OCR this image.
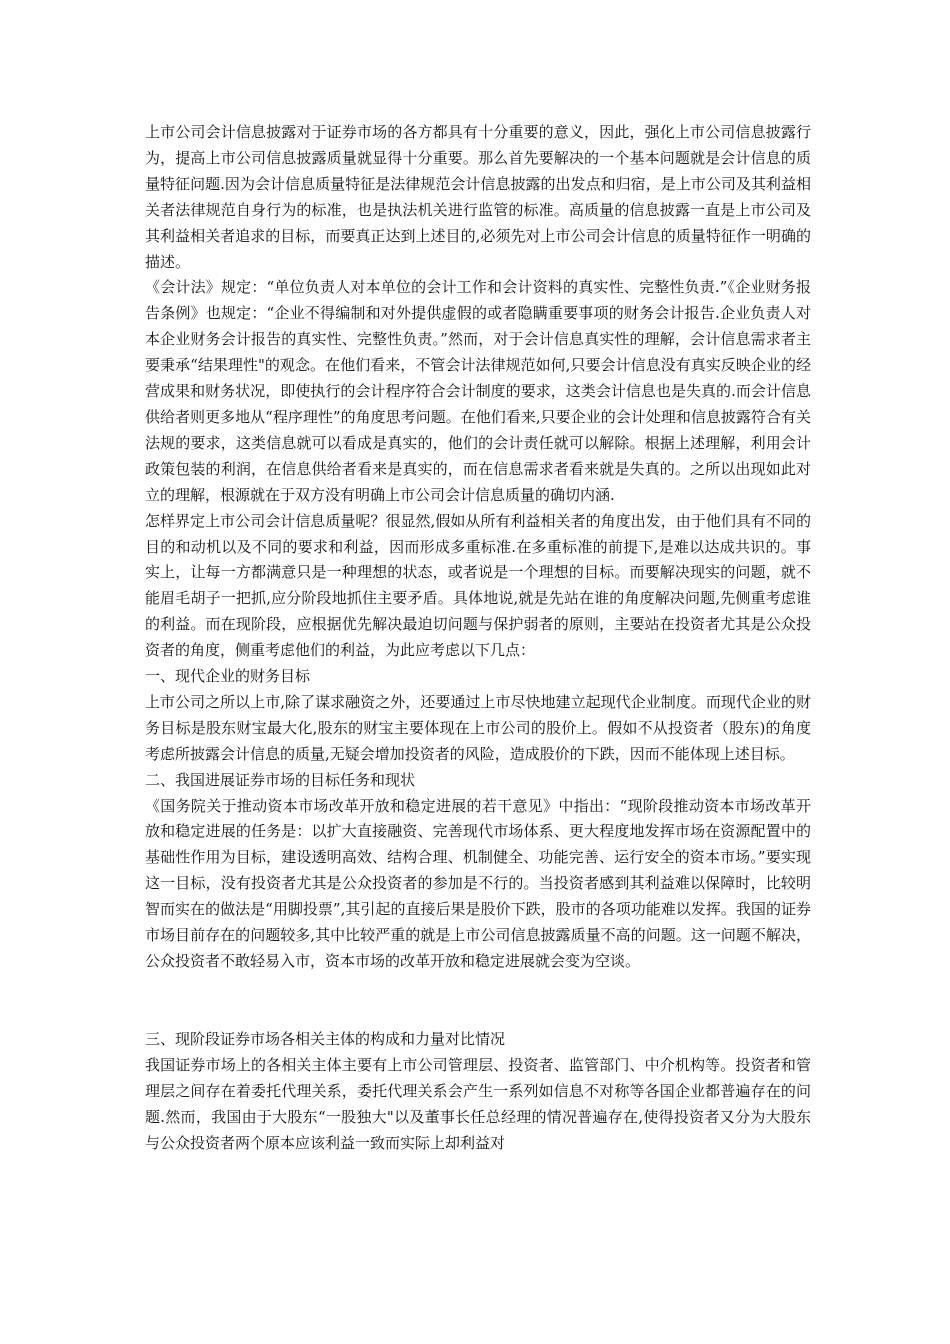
上市公司会计信息披露对于证券市场的各方都具有十分重要的意义，因此，强化上市公司信息披露行为，提高上市公司信息披露质量就显得十分重要。那么首先要解决的一个基本问题就是会计信息的质量特征问题.因为会计信息质量特征是法律规范会计信息披露的出发点和归宿，是上市公司及其利益相关者法律规范自身行为的标准，也是执法机关进行监管的标准。高质量的信息披露一直是上市公司及其利益相关者追求的目标，而要真正达到上述目的,必须先对上市公司会计信息的质量特征作一明确的描述。

《会计法》规定：“单位负责人对本单位的会计工作和会计资料的真实性、完整性负责.”《企业财务报告条例》也规定：“企业不得编制和对外提供虚假的或者隐瞒重要事项的财务会计报告.企业负责人对本企业财务会计报告的真实性、完整性负责。”然而，对于会计信息真实性的理解，会计信息需求者主要秉承“结果理性"的观念。在他们看来，不管会计法律规范如何,只要会计信息没有真实反映企业的经营成果和财务状况，即使执行的会计程序符合会计制度的要求，这类会计信息也是失真的.而会计信息供给者则更多地从“程序理性”的角度思考问题。在他们看来,只要企业的会计处理和信息披露符合有关法规的要求，这类信息就可以看成是真实的，他们的会计责任就可以解除。根据上述理解，利用会计政策包装的利润，在信息供给者看来是真实的，而在信息需求者看来就是失真的。之所以出现如此对立的理解，根源就在于双方没有明确上市公司会计信息质量的确切内涵.

怎样界定上市公司会计信息质量呢？很显然,假如从所有利益相关者的角度出发，由于他们具有不同的目的和动机以及不同的要求和利益，因而形成多重标准.在多重标准的前提下,是难以达成共识的。事实上，让每一方都满意只是一种理想的状态，或者说是一个理想的目标。而要解决现实的问题，就不能眉毛胡子一把抓,应分阶段地抓住主要矛盾。具体地说,就是先站在谁的角度解决问题,先侧重考虑谁的利益。而在现阶段，应根据优先解决最迫切问题与保护弱者的原则，主要站在投资者尤其是公众投资者的角度，侧重考虑他们的利益，为此应考虑以下几点：

一、现代企业的财务目标

上市公司之所以上市,除了谋求融资之外，还要通过上市尽快地建立起现代企业制度。而现代企业的财务目标是股东财宝最大化,股东的财宝主要体现在上市公司的股价上。假如不从投资者（股东)的角度考虑所披露会计信息的质量,无疑会增加投资者的风险，造成股价的下跌，因而不能体现上述目标。

二、我国进展证券市场的目标任务和现状

《国务院关于推动资本市场改革开放和稳定进展的若干意见》中指出：“现阶段推动资本市场改革开放和稳定进展的任务是：以扩大直接融资、完善现代市场体系、更大程度地发挥市场在资源配置中的基础性作用为目标，建设透明高效、结构合理、机制健全、功能完善、运行安全的资本市场。”要实现这一目标，没有投资者尤其是公众投资者的参加是不行的。当投资者感到其利益难以保障时，比较明智而实在的做法是“用脚投票”,其引起的直接后果是股价下跌，股市的各项功能难以发挥。我国的证券市场目前存在的问题较多,其中比较严重的就是上市公司信息披露质量不高的问题。这一问题不解决，公众投资者不敢轻易入市，资本市场的改革开放和稳定进展就会变为空谈。

三、现阶段证券市场各相关主体的构成和力量对比情况

我国证券市场上的各相关主体主要有上市公司管理层、投资者、监管部门、中介机构等。投资者和管理层之间存在着委托代理关系，委托代理关系会产生一系列如信息不对称等各国企业都普遍存在的问题.然而，我国由于大股东“一股独大"以及董事长任总经理的情况普遍存在,使得投资者又分为大股东与公众投资者两个原本应该利益一致而实际上却利益对
